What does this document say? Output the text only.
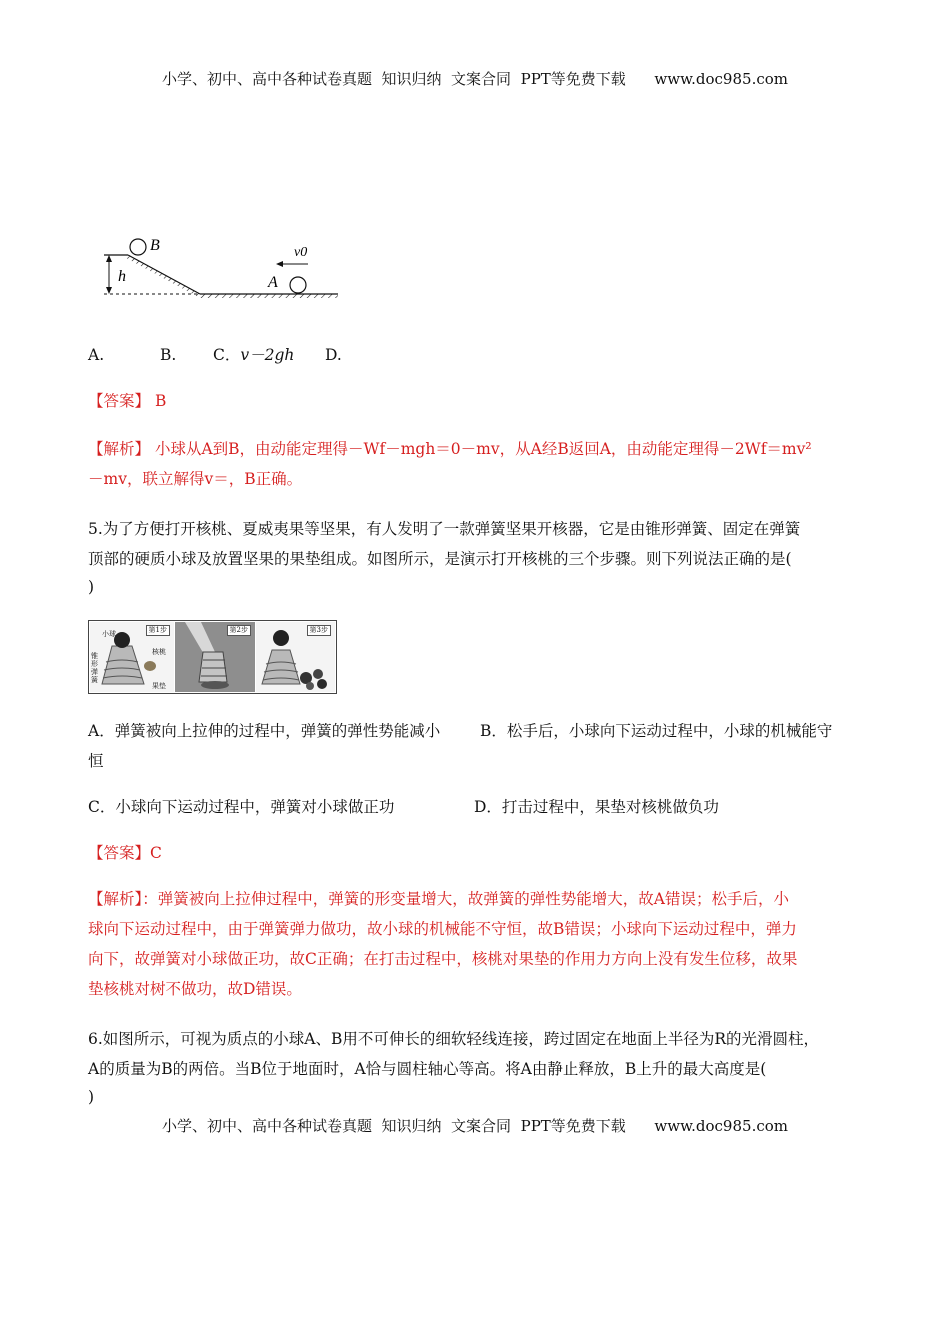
小学、初中、高中各种试卷真题  知识归纳  文案合同  PPT等免费下载      www.doc985.com
B
h
v0
A
A.	B. C．v－2gh D.
【答案】 B
【解析】 小球从A到B，由动能定理得－Wf－mgh＝0－mv，从A经B返回A，由动能定理得－2Wf＝mv²
－mv，联立解得v＝，B正确。
5.为了方便打开核桃、夏威夷果等坚果，有人发明了一款弹簧坚果开核器，它是由锥形弹簧、固定在弹簧
顶部的硬质小球及放置坚果的果垫组成。如图所示，是演示打开核桃的三个步骤。则下列说法正确的是(
)
第1步
小球
核桃
锥形弹簧
果垫
第2步	第3步
A．弹簧被向上拉伸的过程中，弹簧的弹性势能减小	B．松手后，小球向下运动过程中，小球的机械能守
恒
C．小球向下运动过程中，弹簧对小球做正功	D．打击过程中，果垫对核桃做负功
【答案】C
【解析】：弹簧被向上拉伸过程中，弹簧的形变量增大，故弹簧的弹性势能增大，故A错误；松手后，小
球向下运动过程中，由于弹簧弹力做功，故小球的机械能不守恒，故B错误；小球向下运动过程中，弹力
向下，故弹簧对小球做正功，故C正确；在打击过程中，核桃对果垫的作用力方向上没有发生位移，故果
垫核桃对树不做功，故D错误。
6.如图所示，可视为质点的小球A、B用不可伸长的细软轻线连接，跨过固定在地面上半径为R的光滑圆柱，
A的质量为B的两倍。当B位于地面时，A恰与圆柱轴心等高。将A由静止释放，B上升的最大高度是(
)
小学、初中、高中各种试卷真题  知识归纳  文案合同  PPT等免费下载      www.doc985.com
